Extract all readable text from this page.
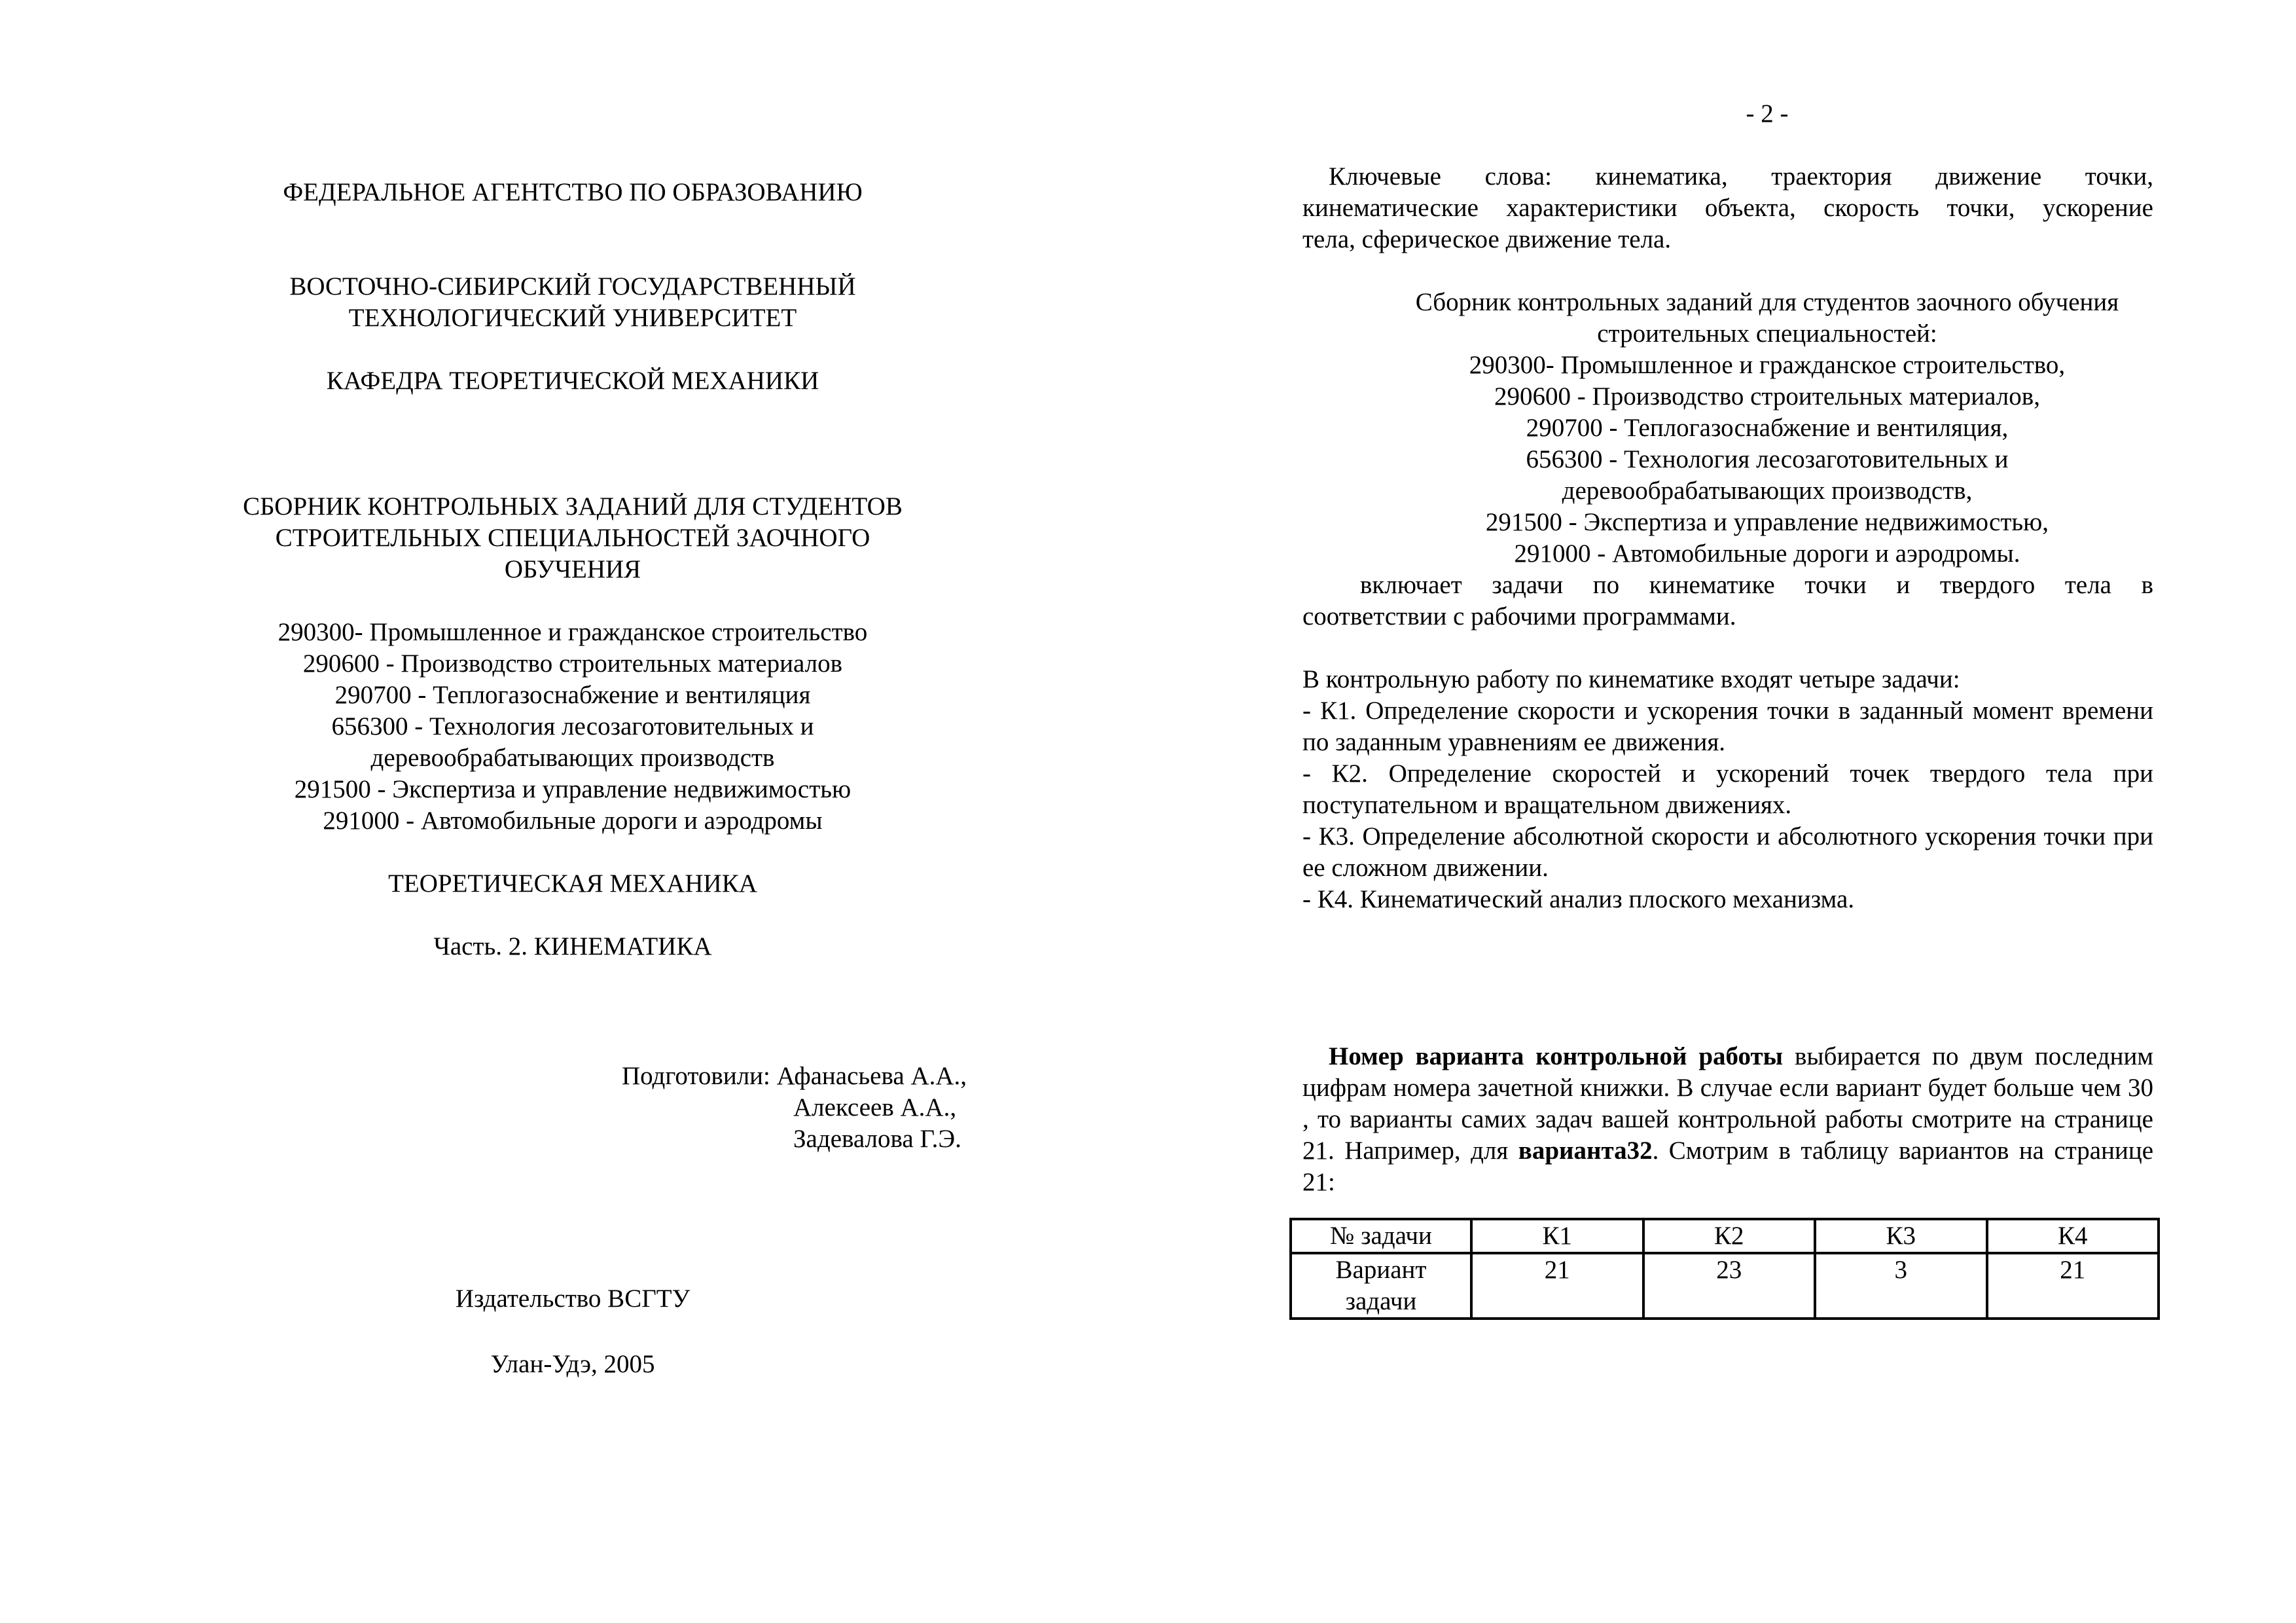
ФЕДЕРАЛЬНОЕ АГЕНТСТВО ПО ОБРАЗОВАНИЮ

ВОСТОЧНО-СИБИРСКИЙ ГОСУДАРСТВЕННЫЙ

ТЕХНОЛОГИЧЕСКИЙ УНИВЕРСИТЕТ

КАФЕДРА ТЕОРЕТИЧЕСКОЙ МЕХАНИКИ

СБОРНИК КОНТРОЛЬНЫХ ЗАДАНИЙ ДЛЯ СТУДЕНТОВ

СТРОИТЕЛЬНЫХ СПЕЦИАЛЬНОСТЕЙ ЗАОЧНОГО

ОБУЧЕНИЯ

290300- Промышленное и гражданское строительство

290600 - Производство строительных материалов

290700 - Теплогазоснабжение и вентиляция

656300 - Технология лесозаготовительных и

деревообрабатывающих производств

291500 - Экспертиза и управление недвижимостью

291000 - Автомобильные дороги и аэродромы

ТЕОРЕТИЧЕСКАЯ МЕХАНИКА

Часть. 2. КИНЕМАТИКА

Подготовили: Афанасьева А.А.,
Алексеев А.А.,
Задевалова Г.Э.
Издательство ВСГТУ
Улан-Удэ, 2005

- 2 -

Ключевые слова: кинематика, траектория движение точки,

кинематические характеристики объекта, скорость точки, ускорение

тела, сферическое движение тела.

Сборник контрольных заданий для студентов заочного обучения

строительных специальностей:

290300- Промышленное и гражданское строительство,

290600 - Производство строительных материалов,

290700 - Теплогазоснабжение и вентиляция,

656300 - Технология лесозаготовительных и

деревообрабатывающих производств,

291500 - Экспертиза и управление недвижимостью,

291000 - Автомобильные дороги и аэродромы.

включает задачи по кинематике точки и твердого тела в

соответствии с рабочими программами.

В контрольную работу по кинематике входят четыре задачи:

- К1. Определение скорости и ускорения точки в заданный момент времени по заданным уравнениям ее движения.

- К2. Определение скоростей и ускорений точек твердого тела при поступательном и вращательном движениях.

- К3. Определение абсолютной скорости и абсолютного ускорения точки при ее сложном движении.

- К4. Кинематический анализ плоского механизма.

Номер варианта контрольной работы выбирается по двум последним цифрам номера зачетной книжки. В случае если вариант будет больше чем 30 , то варианты самих задач вашей контрольной работы смотрите на странице 21. Например, для варианта32. Смотрим в таблицу вариантов на странице 21:

№ задачи	К1	К2	К3	К4

Вариант
задачи	21	23	3	21
